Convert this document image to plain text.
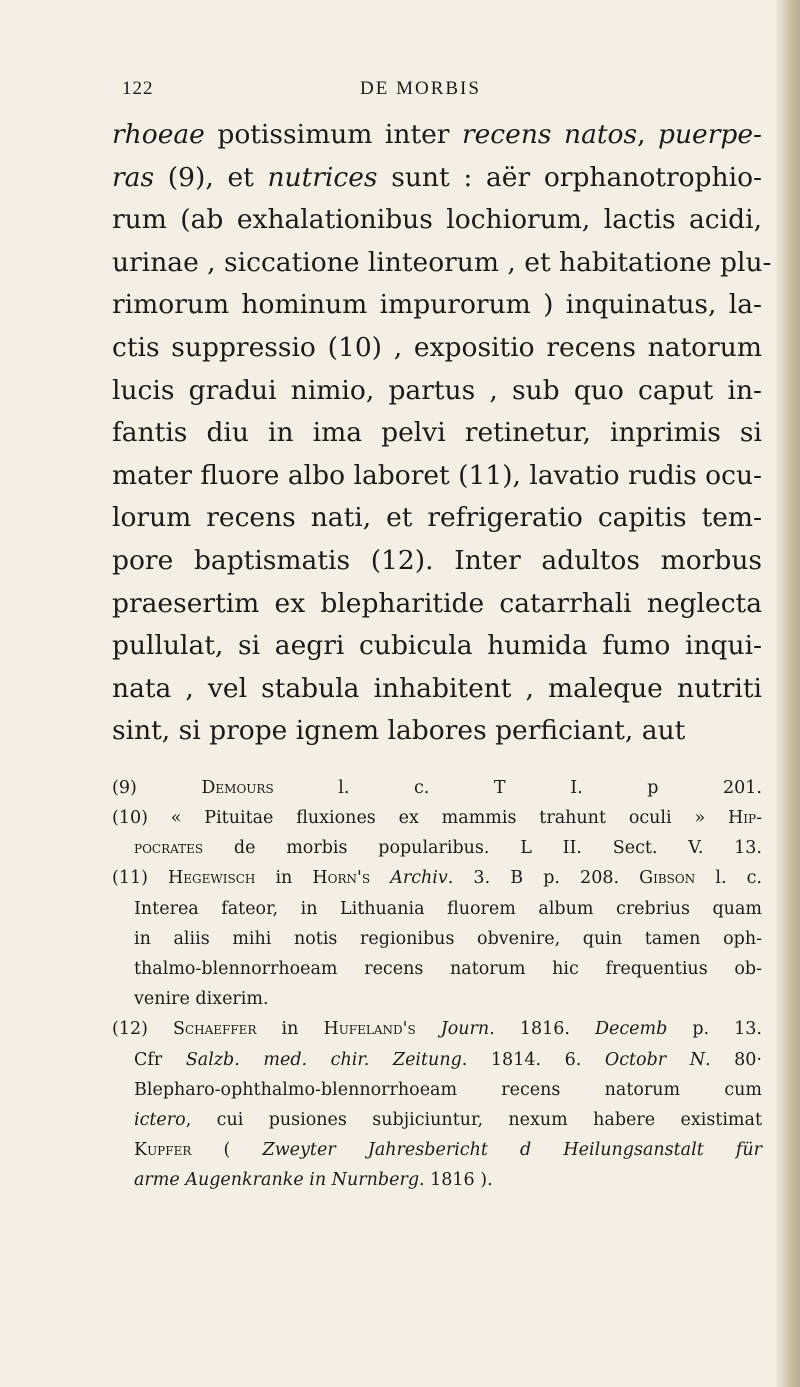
122	DE MORBIS
rhoeae potissimum inter recens natos, puerpe-
ras (9), et nutrices sunt : aër orphanotrophio-
rum (ab exhalationibus lochiorum, lactis acidi,
urinae , siccatione linteorum , et habitatione plu-
rimorum hominum impurorum ) inquinatus, la-
ctis suppressio (10) , expositio recens natorum
lucis gradui nimio, partus , sub quo caput in-
fantis diu in ima pelvi retinetur, inprimis si
mater fluore albo laboret (11), lavatio rudis ocu-
lorum recens nati, et refrigeratio capitis tem-
pore baptismatis (12). Inter adultos morbus
praesertim ex blepharitide catarrhali neglecta
pullulat, si aegri cubicula humida fumo inqui-
nata , vel stabula inhabitent , maleque nutriti
sint, si prope ignem labores perficiant, aut
(9) Demours l. c. T I. p 201.
(10) « Pituitae fluxiones ex mammis trahunt oculi » Hip-
pocrates de morbis popularibus. L II. Sect. V. 13.
(11) Hegewisch in Horn's Archiv. 3. B p. 208. Gibson l. c.
Interea fateor, in Lithuania fluorem album crebrius quam
in aliis mihi notis regionibus obvenire, quin tamen oph-
thalmo-blennorrhoeam recens natorum hic frequentius ob-
venire dixerim.
(12) Schaeffer in Hufeland's Journ. 1816. Decemb p. 13.
Cfr Salzb. med. chir. Zeitung. 1814. 6. Octobr N. 80·
Blepharo-ophthalmo-blennorrhoeam recens natorum cum
ictero, cui pusiones subjiciuntur, nexum habere existimat
Kupfer ( Zweyter Jahresbericht d Heilungsanstalt für
arme Augenkranke in Nurnberg. 1816 ).
